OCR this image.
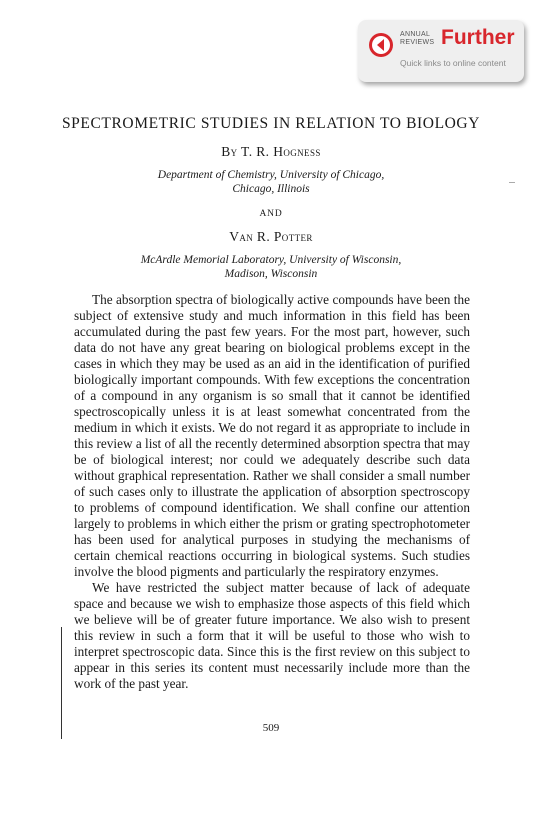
ANNUAL
REVIEWS Further
Quick links to online content
SPECTROMETRIC STUDIES IN RELATION TO BIOLOGY
By T. R. Hogness
Department of Chemistry, University of Chicago,
Chicago, Illinois
AND
Van R. Potter
McArdle Memorial Laboratory, University of Wisconsin,
Madison, Wisconsin

The absorption spectra of biologically active compounds have been the subject of extensive study and much information in this field has been accumulated during the past few years. For the most part, however, such data do not have any great bearing on biological problems except in the cases in which they may be used as an aid in the identification of purified biologically important compounds. With few exceptions the concentration of a compound in any organism is so small that it cannot be identified spectroscopically unless it is at least somewhat concentrated from the medium in which it exists. We do not regard it as appropriate to include in this review a list of all the recently determined absorption spectra that may be of biological interest; nor could we adequately describe such data without graphical representation. Rather we shall consider a small number of such cases only to illustrate the application of absorption spectroscopy to problems of compound identification. We shall confine our attention largely to problems in which either the prism or grating spectrophotometer has been used for analytical purposes in studying the mechanisms of certain chemical reactions occurring in biological systems. Such studies involve the blood pigments and particularly the respiratory enzymes.

We have restricted the subject matter because of lack of adequate space and because we wish to emphasize those aspects of this field which we believe will be of greater future importance. We also wish to present this review in such a form that it will be useful to those who wish to interpret spectroscopic data. Since this is the first review on this subject to appear in this series its content must necessarily include more than the work of the past year.

509
